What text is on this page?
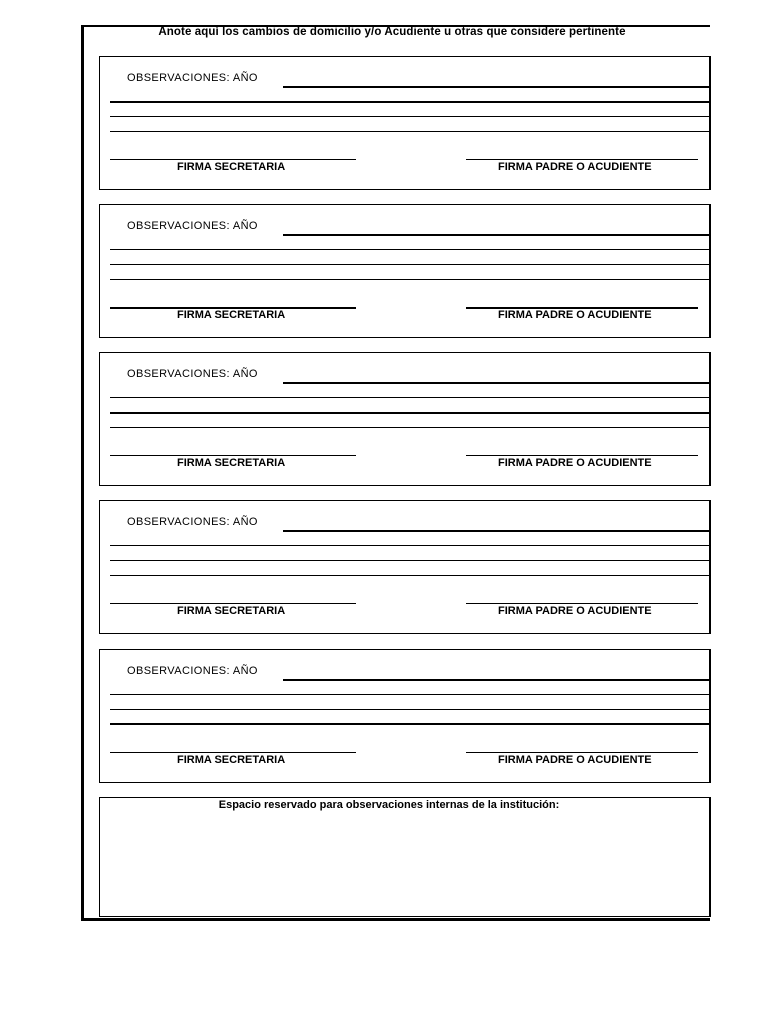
Anote aquí los cambios de domicilio y/o Acudiente u otras que considere pertinente
OBSERVACIONES: AÑO
FIRMA SECRETARIA	FIRMA PADRE O ACUDIENTE
OBSERVACIONES: AÑO
FIRMA SECRETARIA	FIRMA PADRE O ACUDIENTE
OBSERVACIONES: AÑO
FIRMA SECRETARIA	FIRMA PADRE O ACUDIENTE
OBSERVACIONES: AÑO
FIRMA SECRETARIA	FIRMA PADRE O ACUDIENTE
OBSERVACIONES: AÑO
FIRMA SECRETARIA	FIRMA PADRE O ACUDIENTE
Espacio reservado para observaciones internas de la institución:
